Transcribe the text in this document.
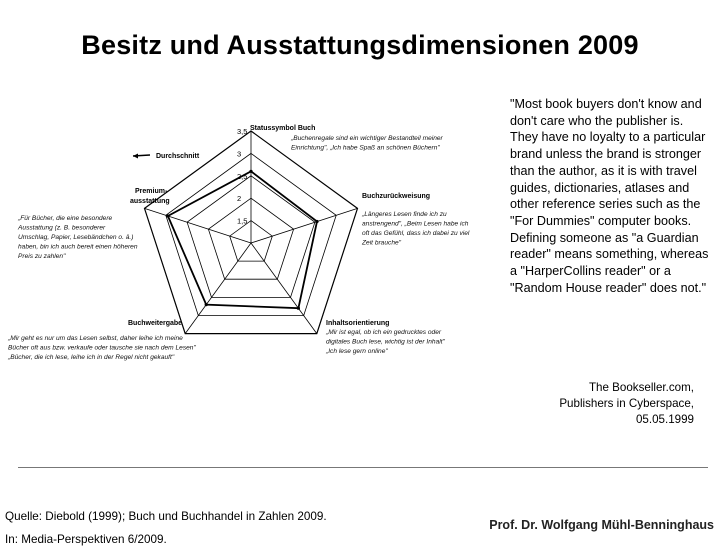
Besitz und Ausstattungsdimensionen 2009
1,5
2
2,5
3
3,5 Statussymbol Buch
Buchzurückweisung
Inhaltsorientierung
Buchweitergabe
Premium- ausstattung
Durchschnitt
„Buchenregale sind ein wichtiger Bestandteil meiner Einrichtung", „Ich habe Spaß an schönen Büchern"
„Längeres Lesen finde ich zu anstrengend", „Beim Lesen habe ich oft das Gefühl, dass ich dabei zu viel Zeit brauche"
„Mir ist egal, ob ich ein gedrucktes oder digitales Buch lese, wichtig ist der Inhalt" „Ich lese gern online"
„Mir geht es nur um das Lesen selbst, daher leihe ich meine Bücher oft aus bzw. verkaufe oder tausche sie nach dem Lesen" „Bücher, die ich lese, leihe ich in der Regel nicht gekauft"
„Für Bücher, die eine besondere Ausstattung (z. B. besonderer Umschlag, Papier, Lesebändchen o. ä.) haben, bin ich auch bereit einen höheren Preis zu zahlen"
"Most book buyers don't know and don't care who the publisher is. They have no loyalty to a particular brand unless the brand is stronger than the author, as it is with travel guides, dictionaries, atlases and other reference series such as the "For Dummies" computer books. Defining someone as "a Guardian reader" means something, whereas a "HarperCollins reader" or a "Random House reader" does not."
The Bookseller.com,
Publishers in Cyberspace,
05.05.1999
Quelle: Diebold (1999); Buch und Buchhandel in Zahlen 2009.
In: Media-Perspektiven 6/2009.
Prof. Dr. Wolfgang Mühl-Benninghaus
